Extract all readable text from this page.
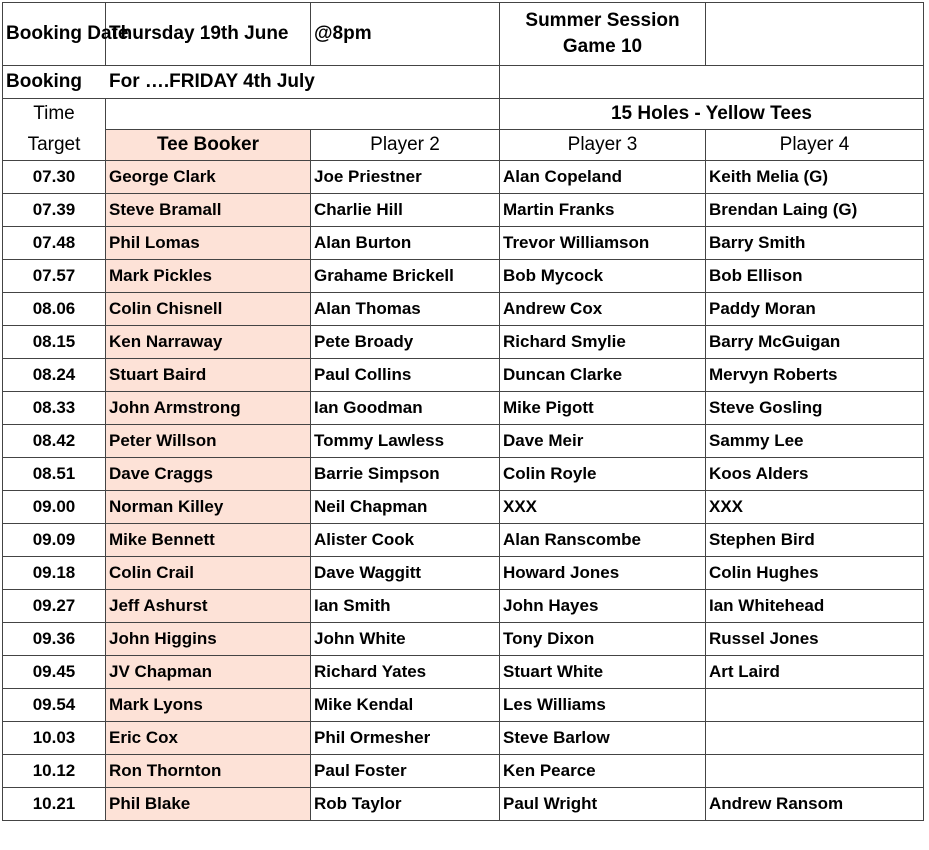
Booking Date	Thursday 19th June	@8pm	Summer Session
Game 10	

Booking	For ….FRIDAY 4th July			
Time			15 Holes - Yellow Tees	
Target	Tee Booker	Player 2	Player 3	Player 4
07.30	George Clark	Joe Priestner	Alan Copeland	Keith Melia (G)
07.39	Steve Bramall	Charlie Hill	Martin Franks	Brendan Laing (G)
07.48	Phil Lomas	Alan Burton	Trevor Williamson	Barry Smith
07.57	Mark Pickles	Grahame Brickell	Bob Mycock	Bob Ellison
08.06	Colin Chisnell	Alan Thomas	Andrew Cox	Paddy Moran
08.15	Ken Narraway	Pete Broady	Richard Smylie	Barry McGuigan
08.24	Stuart Baird	Paul Collins	Duncan Clarke	Mervyn Roberts
08.33	John Armstrong	Ian Goodman	Mike Pigott	Steve Gosling
08.42	Peter Willson	Tommy Lawless	Dave Meir	Sammy Lee
08.51	Dave Craggs	Barrie Simpson	Colin Royle	Koos Alders
09.00	Norman Killey	Neil Chapman	XXX	XXX
09.09	Mike Bennett	Alister Cook	Alan Ranscombe	Stephen Bird
09.18	Colin Crail	Dave Waggitt	Howard Jones	Colin Hughes
09.27	Jeff Ashurst	Ian Smith	John Hayes	Ian Whitehead
09.36	John Higgins	John White	Tony Dixon	Russel Jones
09.45	JV Chapman	Richard Yates	Stuart White	Art Laird
09.54	Mark Lyons	Mike Kendal	Les Williams	
10.03	Eric Cox	Phil Ormesher	Steve Barlow	
10.12	Ron Thornton	Paul Foster	Ken Pearce	
10.21	Phil Blake	Rob Taylor	Paul Wright	Andrew Ransom
